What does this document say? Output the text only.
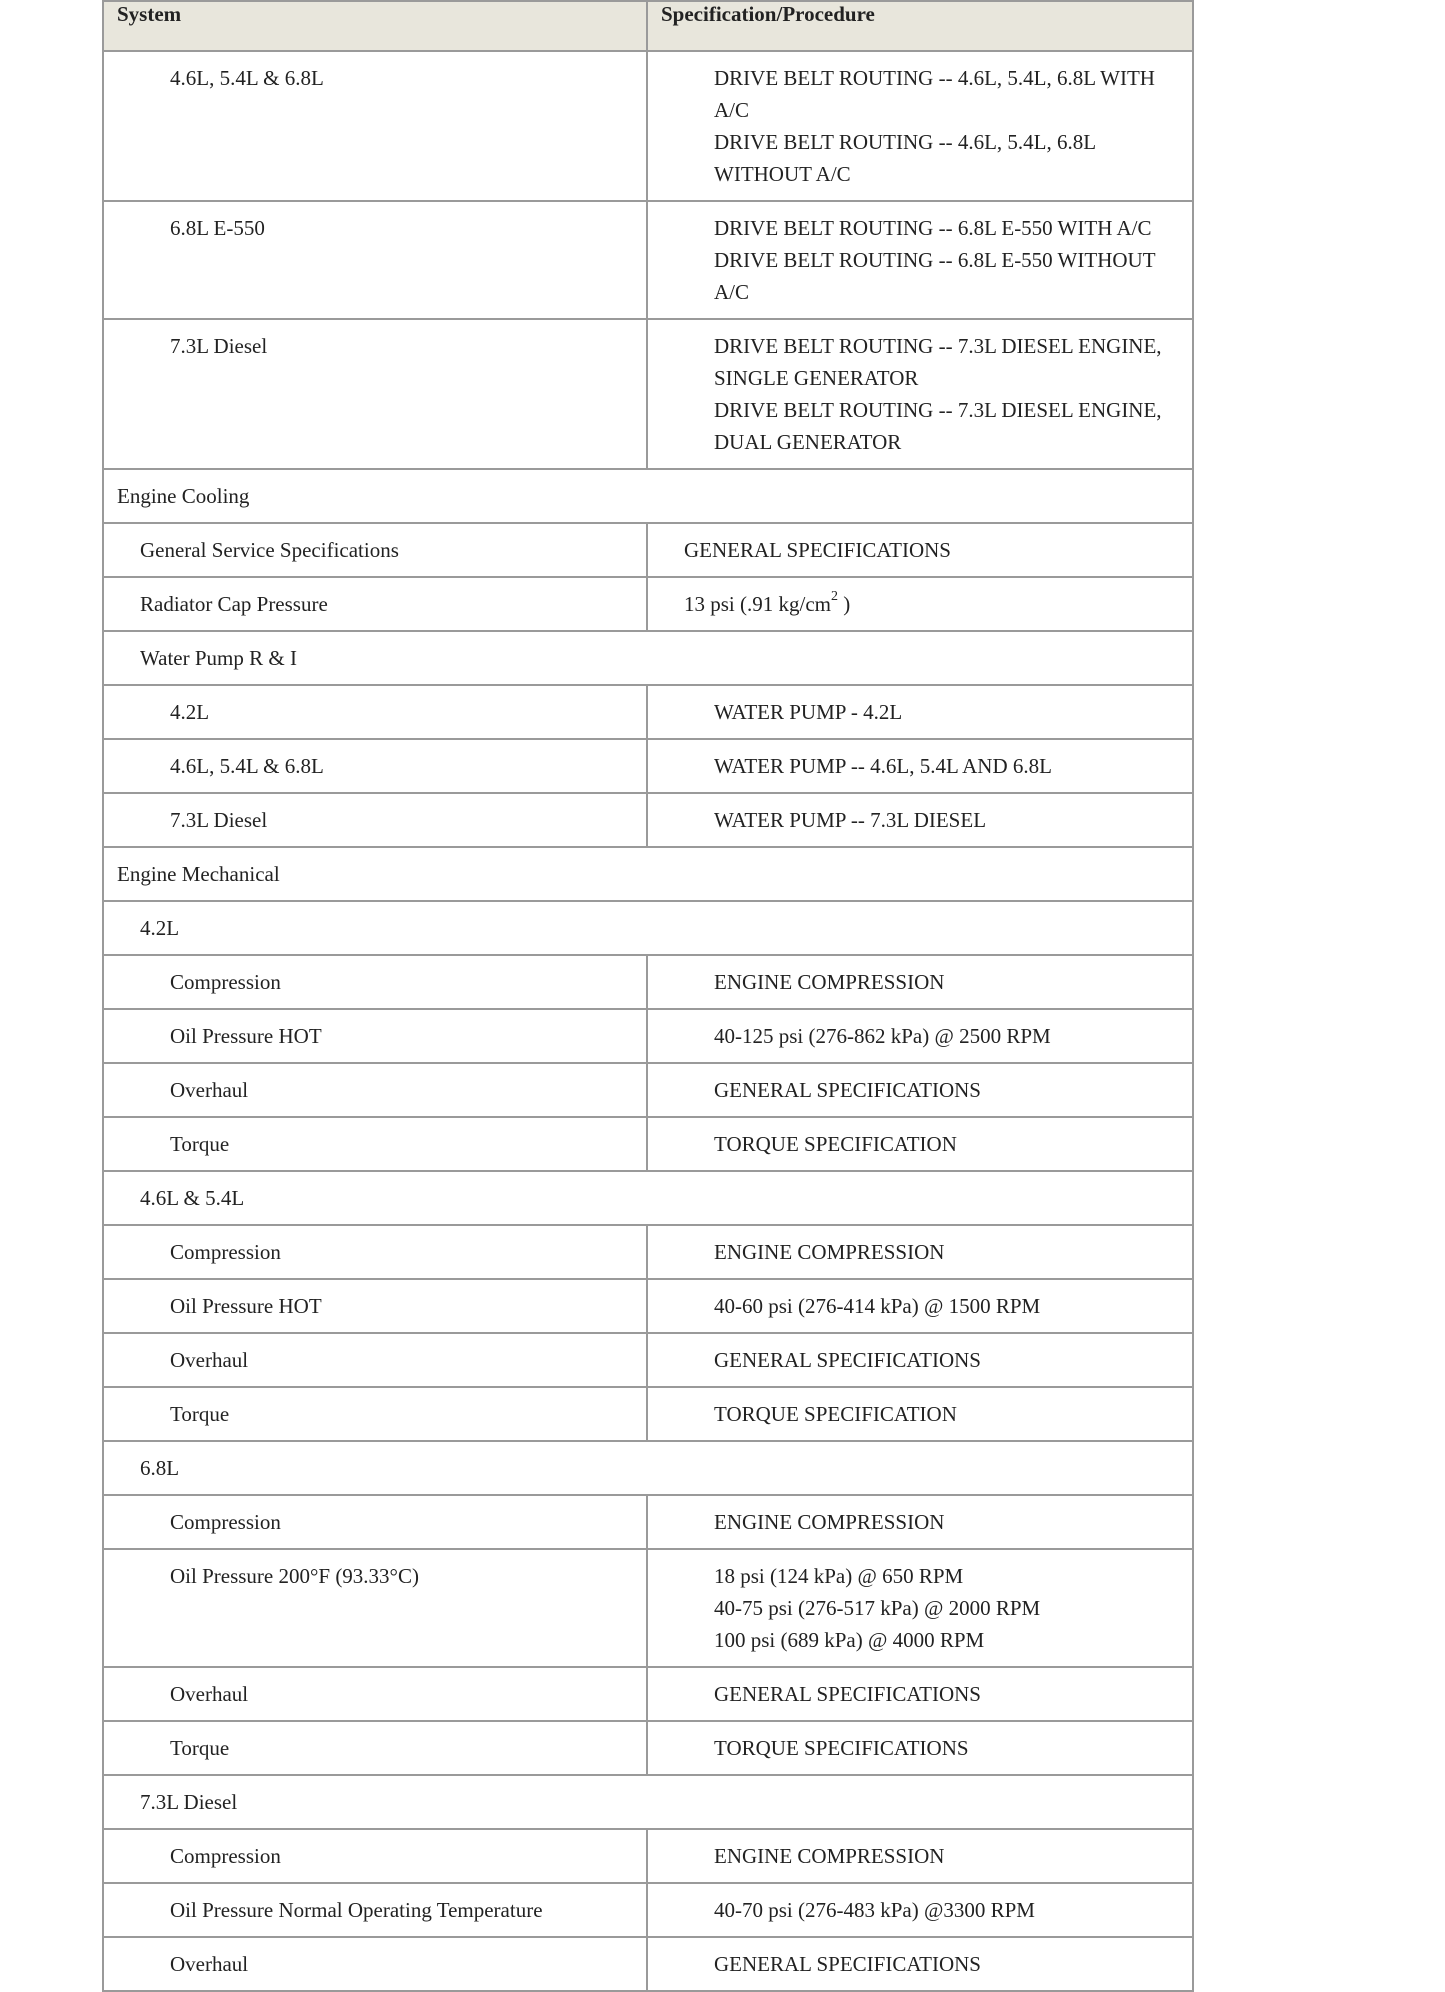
System	Specification/Procedure
4.6L, 5.4L & 6.8L	DRIVE BELT ROUTING -- 4.6L, 5.4L, 6.8L WITH A/C
DRIVE BELT ROUTING -- 4.6L, 5.4L, 6.8L WITHOUT A/C

6.8L E-550	DRIVE BELT ROUTING -- 6.8L E-550 WITH A/C
DRIVE BELT ROUTING -- 6.8L E-550 WITHOUT A/C

7.3L Diesel	DRIVE BELT ROUTING -- 7.3L DIESEL ENGINE, SINGLE GENERATOR
DRIVE BELT ROUTING -- 7.3L DIESEL ENGINE, DUAL GENERATOR

Engine Cooling	
General Service Specifications	GENERAL SPECIFICATIONS

Radiator Cap Pressure	13 psi (.91 $kg/cm^2$ )

Water Pump R & I	
4.2L	WATER PUMP - 4.2L

4.6L, 5.4L & 6.8L	WATER PUMP -- 4.6L, 5.4L AND 6.8L

7.3L Diesel	WATER PUMP -- 7.3L DIESEL

Engine Mechanical	
4.2L	
Compression	ENGINE COMPRESSION

Oil Pressure HOT	40-125 psi (276-862 kPa) @ 2500 RPM

Overhaul	GENERAL SPECIFICATIONS

Torque	TORQUE SPECIFICATION

4.6L & 5.4L	
Compression	ENGINE COMPRESSION

Oil Pressure HOT	40-60 psi (276-414 kPa) @ 1500 RPM

Overhaul	GENERAL SPECIFICATIONS

Torque	TORQUE SPECIFICATION

6.8L	
Compression	ENGINE COMPRESSION

Oil Pressure 200°F (93.33°C)	18 psi (124 kPa) @ 650 RPM
40-75 psi (276-517 kPa) @ 2000 RPM
100 psi (689 kPa) @ 4000 RPM

Overhaul	GENERAL SPECIFICATIONS

Torque	TORQUE SPECIFICATIONS

7.3L Diesel	
Compression	ENGINE COMPRESSION

Oil Pressure Normal Operating Temperature	40-70 psi (276-483 kPa) @3300 RPM

Overhaul	GENERAL SPECIFICATIONS
